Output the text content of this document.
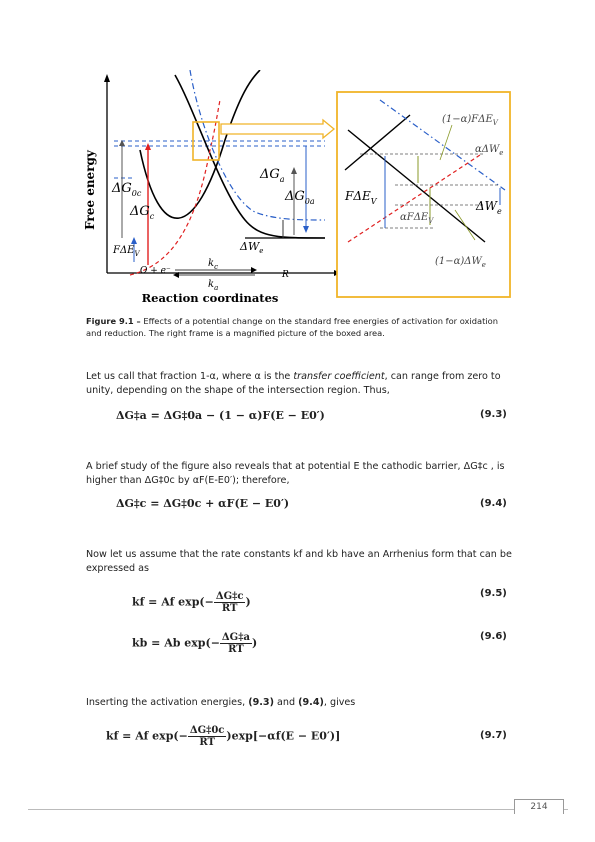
Free energy
Reaction coordinates
$\Delta G_{0c}$
$\Delta G_c$
$F\Delta E_V$
O + e⁻	R
$k_c$
$k_a$
$\Delta G_a$
$\Delta G_{0a}$
$\Delta W_e$
$(1-\alpha)F\Delta E_V$
αΔW$_e$
$F\Delta E_V$
αFΔE$_V$
$\Delta W_e$
$(1-\alpha)\Delta W_e$
Figure 9.1 – Effects of a potential change on the standard free energies of activation for oxidation and reduction. The right frame is a magnified picture of the boxed area.
Let us call that fraction 1-α, where α is the transfer coefficient, can range from zero to unity, depending on the shape of the intersection region. Thus,
ΔG‡a = ΔG‡0a − (1 − α)F(E − E0′)	(9.3)
A brief study of the figure also reveals that at potential E the cathodic barrier, ΔG‡c , is higher than ΔG‡0c by αF(E-E0′); therefore,
ΔG‡c = ΔG‡0c + αF(E − E0′)	(9.4)
Now let us assume that the rate constants kf and kb have an Arrhenius form that can be expressed as
kf = Af $\exp(- \frac{\Delta G\ddagger c}{RT}$ )
(9.5)
kb = Ab $\exp(- \frac{\Delta G\ddagger a}{RT}$ )	(9.6)
Inserting the activation energies, (9.3) and (9.4), gives
kf = Af $\exp(- \frac{\Delta G\ddagger 0c}{RT} )\exp[-\alpha f(E - E0')]$	(9.7)
214
